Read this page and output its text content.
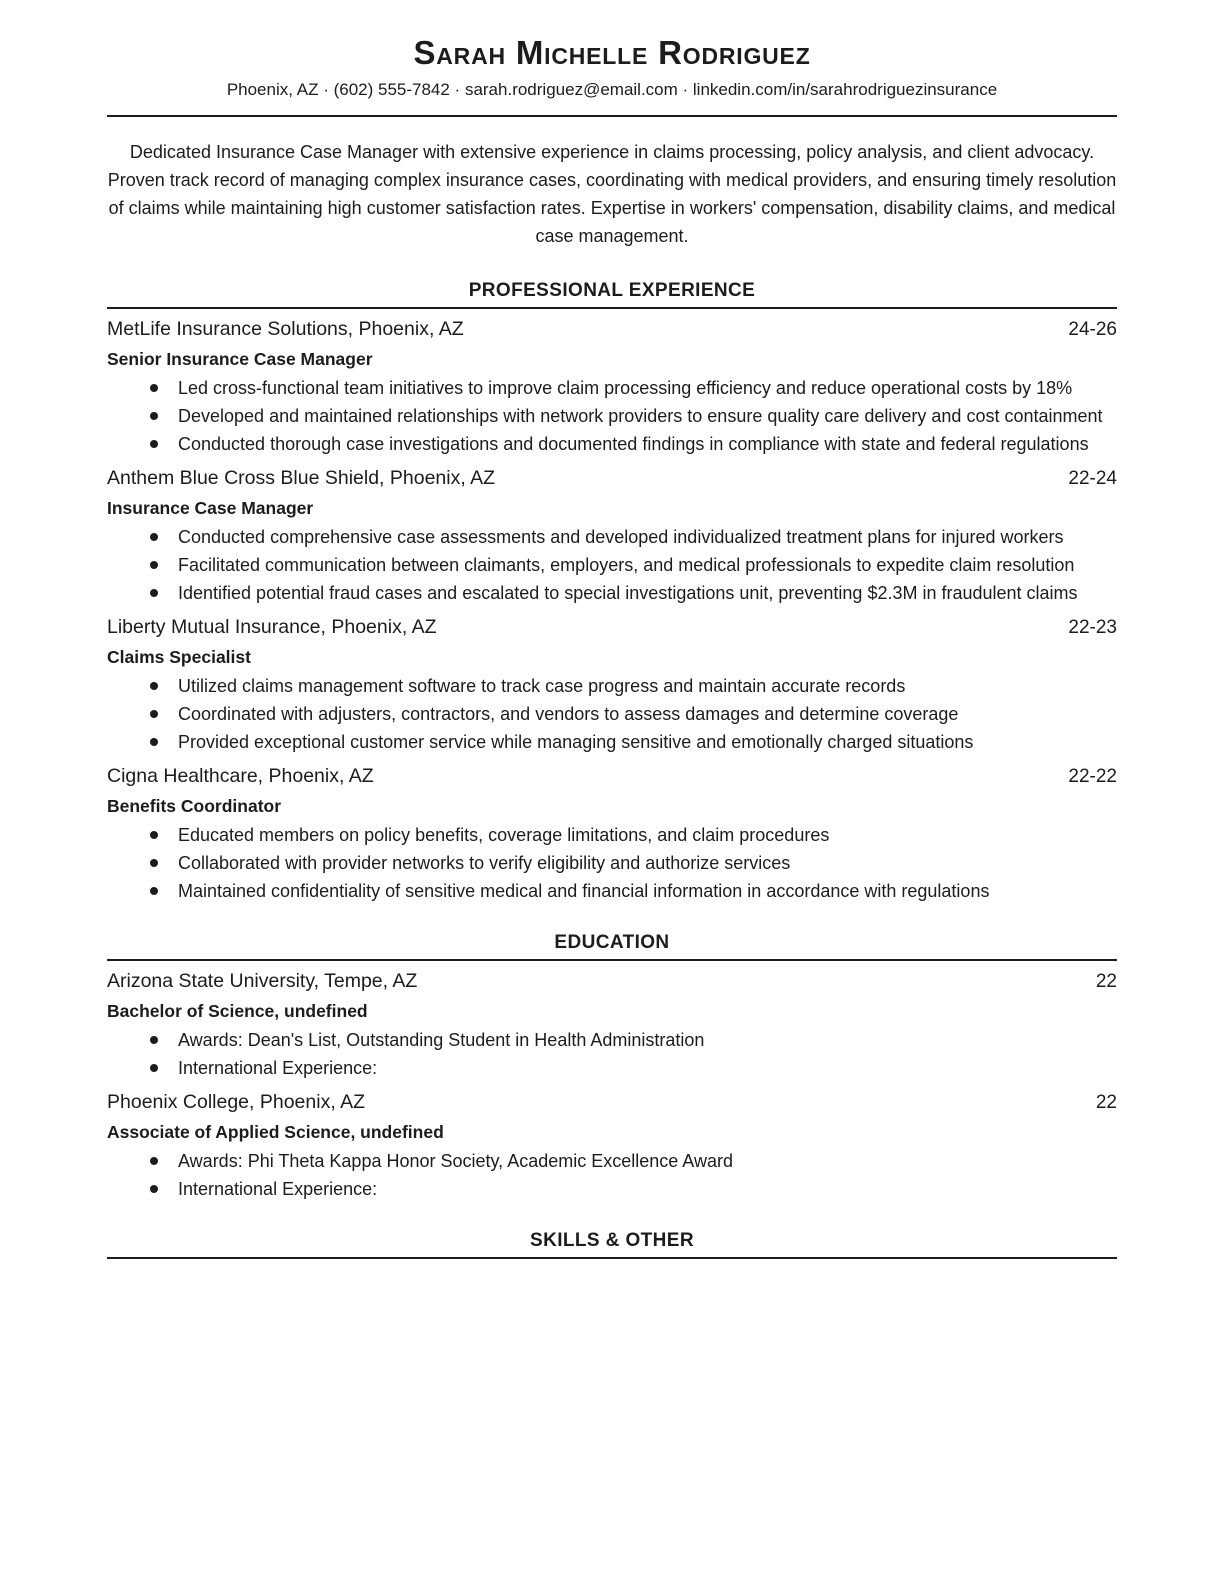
Sarah Michelle Rodriguez
Phoenix, AZ · (602) 555-7842 · sarah.rodriguez@email.com · linkedin.com/in/sarahrodriguezinsurance

Dedicated Insurance Case Manager with extensive experience in claims processing, policy analysis, and client advocacy. Proven track record of managing complex insurance cases, coordinating with medical providers, and ensuring timely resolution of claims while maintaining high customer satisfaction rates. Expertise in workers' compensation, disability claims, and medical case management.

PROFESSIONAL EXPERIENCE
MetLife Insurance Solutions, Phoenix, AZ	24-26
Senior Insurance Case Manager
Led cross-functional team initiatives to improve claim processing efficiency and reduce operational costs by 18%
Developed and maintained relationships with network providers to ensure quality care delivery and cost containment
Conducted thorough case investigations and documented findings in compliance with state and federal regulations
Anthem Blue Cross Blue Shield, Phoenix, AZ	22-24
Insurance Case Manager
Conducted comprehensive case assessments and developed individualized treatment plans for injured workers
Facilitated communication between claimants, employers, and medical professionals to expedite claim resolution
Identified potential fraud cases and escalated to special investigations unit, preventing $2.3M in fraudulent claims
Liberty Mutual Insurance, Phoenix, AZ	22-23
Claims Specialist
Utilized claims management software to track case progress and maintain accurate records
Coordinated with adjusters, contractors, and vendors to assess damages and determine coverage
Provided exceptional customer service while managing sensitive and emotionally charged situations
Cigna Healthcare, Phoenix, AZ	22-22
Benefits Coordinator
Educated members on policy benefits, coverage limitations, and claim procedures
Collaborated with provider networks to verify eligibility and authorize services
Maintained confidentiality of sensitive medical and financial information in accordance with regulations
EDUCATION
Arizona State University, Tempe, AZ	22
Bachelor of Science, undefined
Awards: Dean's List, Outstanding Student in Health Administration
International Experience:
Phoenix College, Phoenix, AZ	22
Associate of Applied Science, undefined
Awards: Phi Theta Kappa Honor Society, Academic Excellence Award
International Experience:
SKILLS & OTHER
